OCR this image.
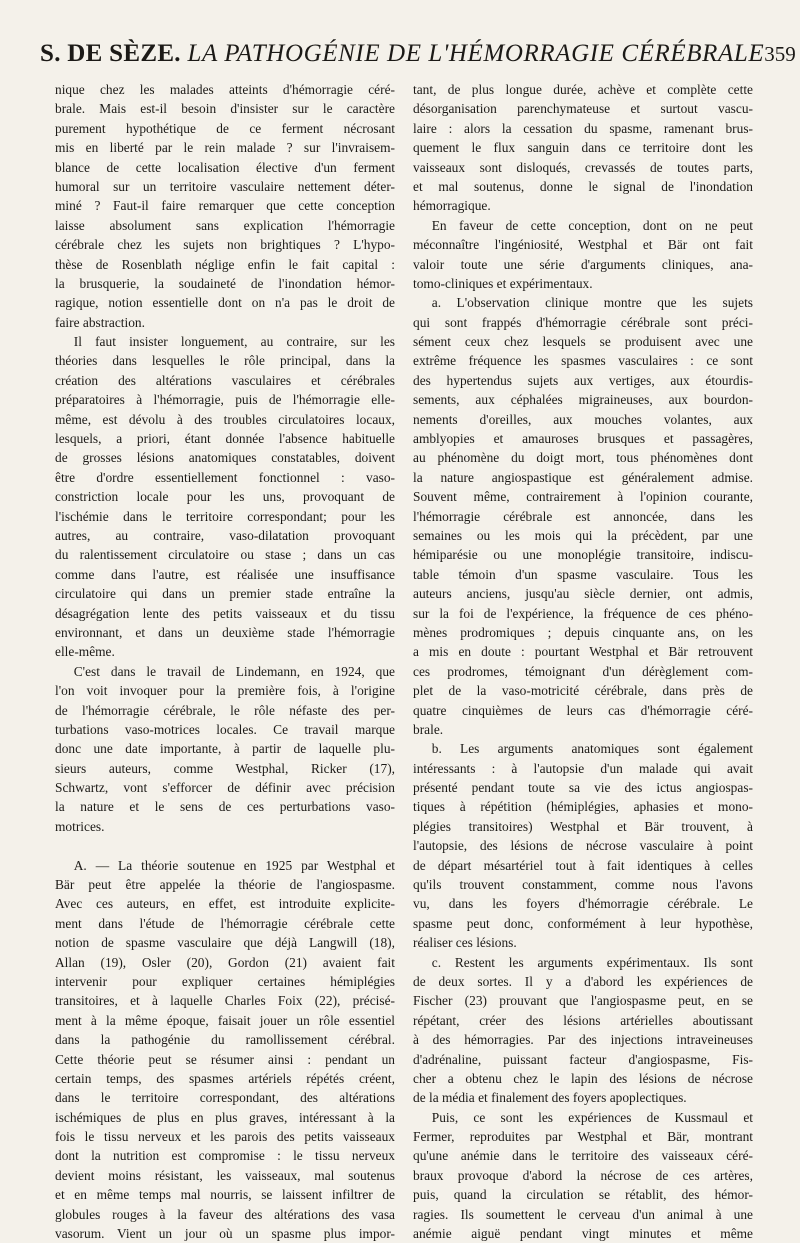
S. DE SÈZE. LA PATHOGÉNIE DE L'HÉMORRAGIE CÉRÉBRALE 359
nique chez les malades atteints d'hémorragie céré-
brale. Mais est-il besoin d'insister sur le caractère
purement hypothétique de ce ferment nécrosant
mis en liberté par le rein malade ? sur l'invraisem-
blance de cette localisation élective d'un ferment
humoral sur un territoire vasculaire nettement déter-
miné ? Faut-il faire remarquer que cette conception
laisse absolument sans explication l'hémorragie
cérébrale chez les sujets non brightiques ? L'hypo-
thèse de Rosenblath néglige enfin le fait capital :
la brusquerie, la soudaineté de l'inondation hémor-
ragique, notion essentielle dont on n'a pas le droit de
faire abstraction.
Il faut insister longuement, au contraire, sur les
théories dans lesquelles le rôle principal, dans la
création des altérations vasculaires et cérébrales
préparatoires à l'hémorragie, puis de l'hémorragie elle-
même, est dévolu à des troubles circulatoires locaux,
lesquels, a priori, étant donnée l'absence habituelle
de grosses lésions anatomiques constatables, doivent
être d'ordre essentiellement fonctionnel : vaso-
constriction locale pour les uns, provoquant de
l'ischémie dans le territoire correspondant; pour les
autres, au contraire, vaso-dilatation provoquant
du ralentissement circulatoire ou stase ; dans un cas
comme dans l'autre, est réalisée une insuffisance
circulatoire qui dans un premier stade entraîne la
désagrégation lente des petits vaisseaux et du tissu
environnant, et dans un deuxième stade l'hémorragie
elle-même.
C'est dans le travail de Lindemann, en 1924, que
l'on voit invoquer pour la première fois, à l'origine
de l'hémorragie cérébrale, le rôle néfaste des per-
turbations vaso-motrices locales. Ce travail marque
donc une date importante, à partir de laquelle plu-
sieurs auteurs, comme Westphal, Ricker (17),
Schwartz, vont s'efforcer de définir avec précision
la nature et le sens de ces perturbations vaso-
motrices.
A. — La théorie soutenue en 1925 par Westphal et
Bär peut être appelée la théorie de l'angiospasme.
Avec ces auteurs, en effet, est introduite explicite-
ment dans l'étude de l'hémorragie cérébrale cette
notion de spasme vasculaire que déjà Langwill (18),
Allan (19), Osler (20), Gordon (21) avaient fait
intervenir pour expliquer certaines hémiplégies
transitoires, et à laquelle Charles Foix (22), précisé-
ment à la même époque, faisait jouer un rôle essentiel
dans la pathogénie du ramollissement cérébral.
Cette théorie peut se résumer ainsi : pendant un
certain temps, des spasmes artériels répétés créent,
dans le territoire correspondant, des altérations
ischémiques de plus en plus graves, intéressant à la
fois le tissu nerveux et les parois des petits vaisseaux
dont la nutrition est compromise : le tissu nerveux
devient moins résistant, les vaisseaux, mal soutenus
et en même temps mal nourris, se laissent infiltrer de
globules rouges à la faveur des altérations des vasa
vasorum. Vient un jour où un spasme plus impor-
tant, de plus longue durée, achève et complète cette
désorganisation parenchymateuse et surtout vascu-
laire : alors la cessation du spasme, ramenant brus-
quement le flux sanguin dans ce territoire dont les
vaisseaux sont disloqués, crevassés de toutes parts,
et mal soutenus, donne le signal de l'inondation
hémorragique.
En faveur de cette conception, dont on ne peut
méconnaître l'ingéniosité, Westphal et Bär ont fait
valoir toute une série d'arguments cliniques, ana-
tomo-cliniques et expérimentaux.
a. L'observation clinique montre que les sujets
qui sont frappés d'hémorragie cérébrale sont préci-
sément ceux chez lesquels se produisent avec une
extrême fréquence les spasmes vasculaires : ce sont
des hypertendus sujets aux vertiges, aux étourdis-
sements, aux céphalées migraineuses, aux bourdon-
nements d'oreilles, aux mouches volantes, aux
amblyopies et amauroses brusques et passagères,
au phénomène du doigt mort, tous phénomènes dont
la nature angiospastique est généralement admise.
Souvent même, contrairement à l'opinion courante,
l'hémorragie cérébrale est annoncée, dans les
semaines ou les mois qui la précèdent, par une
hémiparésie ou une monoplégie transitoire, indiscu-
table témoin d'un spasme vasculaire. Tous les
auteurs anciens, jusqu'au siècle dernier, ont admis,
sur la foi de l'expérience, la fréquence de ces phéno-
mènes prodromiques ; depuis cinquante ans, on les
a mis en doute : pourtant Westphal et Bär retrouvent
ces prodromes, témoignant d'un dérèglement com-
plet de la vaso-motricité cérébrale, dans près de
quatre cinquièmes de leurs cas d'hémorragie céré-
brale.
b. Les arguments anatomiques sont également
intéressants : à l'autopsie d'un malade qui avait
présenté pendant toute sa vie des ictus angiospas-
tiques à répétition (hémiplégies, aphasies et mono-
plégies transitoires) Westphal et Bär trouvent, à
l'autopsie, des lésions de nécrose vasculaire à point
de départ mésartériel tout à fait identiques à celles
qu'ils trouvent constamment, comme nous l'avons
vu, dans les foyers d'hémorragie cérébrale. Le
spasme peut donc, conformément à leur hypothèse,
réaliser ces lésions.
c. Restent les arguments expérimentaux. Ils sont
de deux sortes. Il y a d'abord les expériences de
Fischer (23) prouvant que l'angiospasme peut, en se
répétant, créer des lésions artérielles aboutissant
à des hémorragies. Par des injections intraveineuses
d'adrénaline, puissant facteur d'angiospasme, Fis-
cher a obtenu chez le lapin des lésions de nécrose
de la média et finalement des foyers apoplectiques.
Puis, ce sont les expériences de Kussmaul et
Fermer, reproduites par Westphal et Bär, montrant
qu'une anémie dans le territoire des vaisseaux céré-
braux provoque d'abord la nécrose de ces artères,
puis, quand la circulation se rétablit, des hémor-
ragies. Ils soumettent le cerveau d'un animal à une
anémie aiguë pendant vingt minutes et même
